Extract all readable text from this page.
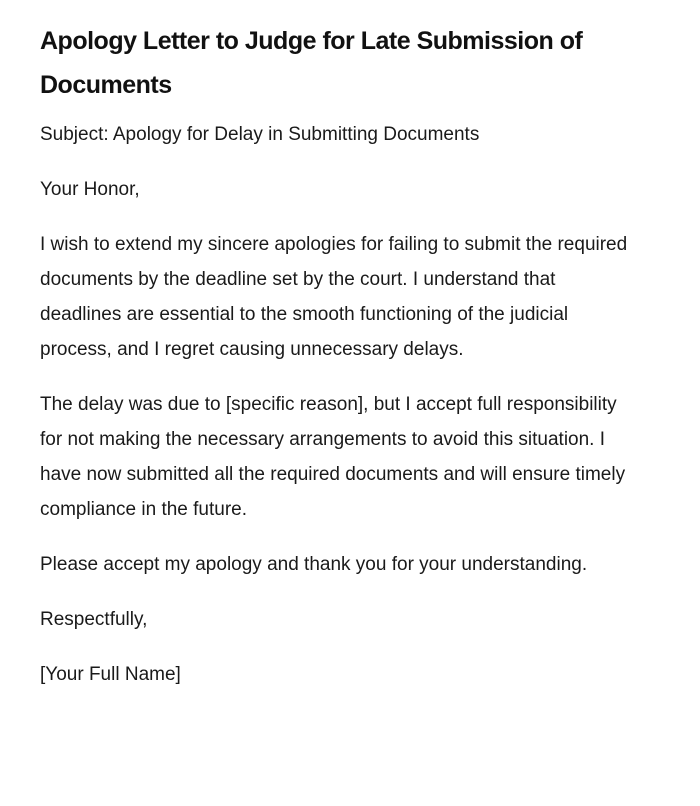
Apology Letter to Judge for Late Submission of Documents

Subject: Apology for Delay in Submitting Documents

Your Honor,

I wish to extend my sincere apologies for failing to submit the required documents by the deadline set by the court. I understand that deadlines are essential to the smooth functioning of the judicial process, and I regret causing unnecessary delays.

The delay was due to [specific reason], but I accept full responsibility for not making the necessary arrangements to avoid this situation. I have now submitted all the required documents and will ensure timely compliance in the future.

Please accept my apology and thank you for your understanding.

Respectfully,

[Your Full Name]
